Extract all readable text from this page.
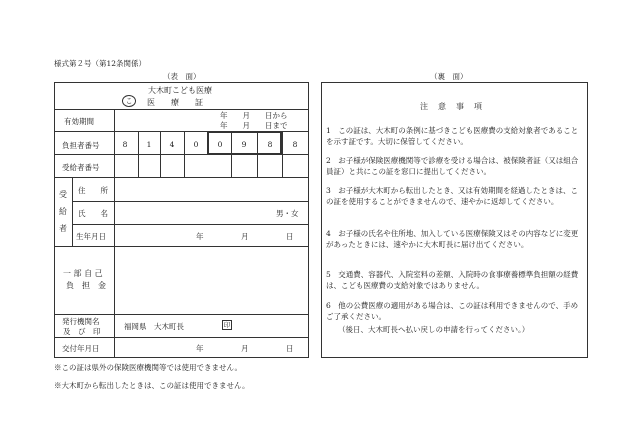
様式第２号（第12条関係）
（表　面）	（裏　面）
大木町こども医療
こ	医　　療　　証
有効期間
年　　月　　日から
年　　月　　日まで
負担者番号	8	1	4	0	0	9	8	8
受給者番号
受
給
者
住　　所
氏　　名	男・女
生年月日	年　　　　　月　　　　　日
一 部 自 己
負　担　金
発行機関名
及　び　印
福岡県　大木町長	印
交付年月日	年　　　　　月　　　　　日
※この証は県外の保険医療機関等では使用できません。
※大木町から転出したときは、この証は使用できません。
注　意　事　項
1　この証は、大木町の条例に基づきこども医療費の支給対象者であることを示す証です。大切に保管してください。
2　お子様が保険医療機関等で診療を受ける場合は、被保険者証（又は組合員証）と共にこの証を窓口に提出してください。
3　お子様が大木町から転出したとき、又は有効期間を経過したときは、この証を使用することができませんので、速やかに返却してください。
4　お子様の氏名や住所地、加入している医療保険又はその内容などに変更があったときには、速やかに大木町長に届け出てください。
5　交通費、容器代、入院室料の差額、入院時の食事療養標準負担額の経費は、こども医療費の支給対象ではありません。
6　他の公費医療の適用がある場合は、この証は利用できませんので、手めご了承ください。
（後日、大木町長へ払い戻しの申請を行ってください。）
